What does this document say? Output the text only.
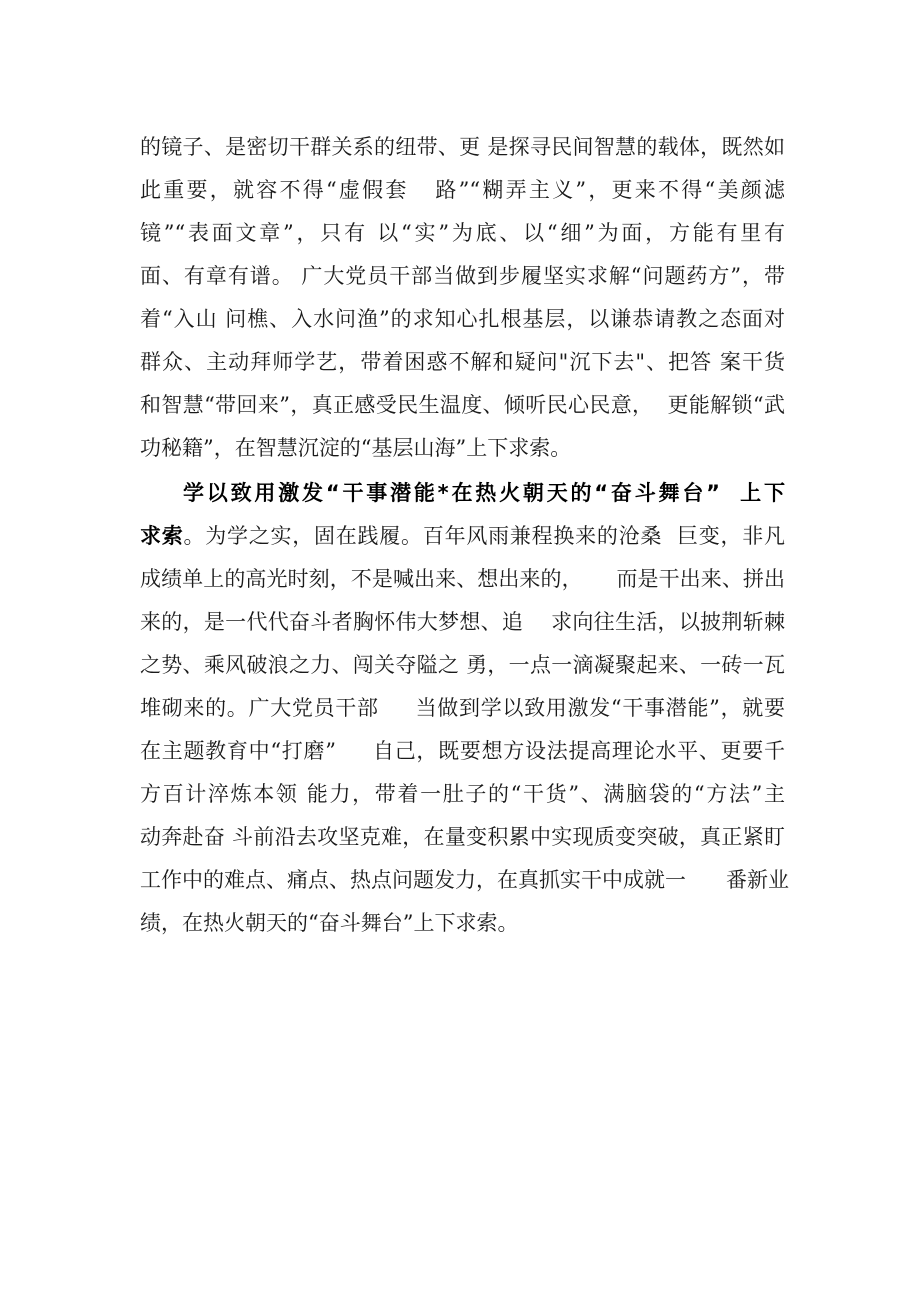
的镜子、是密切干群关系的纽带、更 是探寻民间智慧的载体，既然如
此重要，就容不得“虚假套   路”“糊弄主义”，更来不得“美颜滤
镜”“表面文章”，只有 以“实”为底、以“细”为面，方能有里有
面、有章有谱。 广大党员干部当做到步履坚实求解“问题药方”，带
着“入山 问樵、入水问渔”的求知心扎根基层，以谦恭请教之态面对
群众、主动拜师学艺，带着困惑不解和疑问"沉下去"、把答 案干货
和智慧“带回来”，真正感受民生温度、倾听民心民意，  更能解锁“武
功秘籍”，在智慧沉淀的“基层山海”上下求索。
学以致用激发“干事潜能*在热火朝天的“奋斗舞台”  上下
求索。为学之实，固在践履。百年风雨兼程换来的沧桑  巨变，非凡
成绩单上的高光时刻，不是喊出来、想出来的，     而是干出来、拼出
来的，是一代代奋斗者胸怀伟大梦想、追    求向往生活，以披荆斩棘
之势、乘风破浪之力、闯关夺隘之 勇，一点一滴凝聚起来、一砖一瓦
堆砌来的。广大党员干部     当做到学以致用激发“干事潜能”，就要
在主题教育中“打磨”     自己，既要想方设法提高理论水平、更要千
方百计淬炼本领 能力，带着一肚子的“干货”、满脑袋的“方法”主
动奔赴奋 斗前沿去攻坚克难，在量变积累中实现质变突破，真正紧盯
工作中的难点、痛点、热点问题发力，在真抓实干中成就一      番新业
绩，在热火朝天的“奋斗舞台”上下求索。
